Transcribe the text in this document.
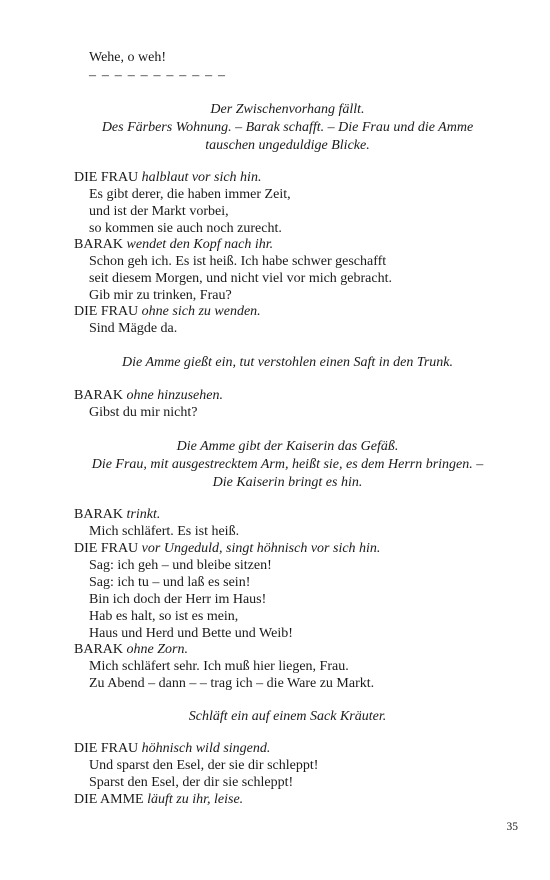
Wehe, o weh!
– – – – – – – – – – –
Der Zwischenvorhang fällt.
Des Färbers Wohnung. – Barak schafft. – Die Frau und die Amme
tauschen ungeduldige Blicke.
DIE FRAU halblaut vor sich hin.
Es gibt derer, die haben immer Zeit,
und ist der Markt vorbei,
so kommen sie auch noch zurecht.
BARAK wendet den Kopf nach ihr.
Schon geh ich. Es ist heiß. Ich habe schwer geschafft
seit diesem Morgen, und nicht viel vor mich gebracht.
Gib mir zu trinken, Frau?
DIE FRAU ohne sich zu wenden.
Sind Mägde da.
Die Amme gießt ein, tut verstohlen einen Saft in den Trunk.
BARAK ohne hinzusehen.
Gibst du mir nicht?
Die Amme gibt der Kaiserin das Gefäß.
Die Frau, mit ausgestrecktem Arm, heißt sie, es dem Herrn bringen. –
Die Kaiserin bringt es hin.
BARAK trinkt.
Mich schläfert. Es ist heiß.
DIE FRAU vor Ungeduld, singt höhnisch vor sich hin.
Sag: ich geh – und bleibe sitzen!
Sag: ich tu – und laß es sein!
Bin ich doch der Herr im Haus!
Hab es halt, so ist es mein,
Haus und Herd und Bette und Weib!
BARAK ohne Zorn.
Mich schläfert sehr. Ich muß hier liegen, Frau.
Zu Abend – dann – – trag ich – die Ware zu Markt.
Schläft ein auf einem Sack Kräuter.
DIE FRAU höhnisch wild singend.
Und sparst den Esel, der sie dir schleppt!
Sparst den Esel, der dir sie schleppt!
DIE AMME läuft zu ihr, leise.
35
